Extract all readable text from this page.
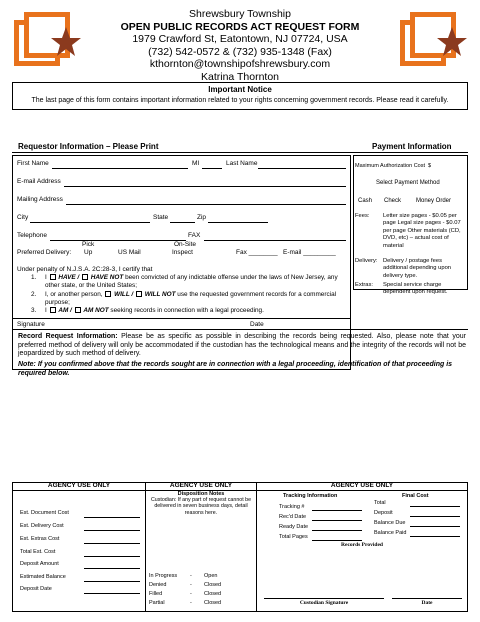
Shrewsbury Township
OPEN PUBLIC RECORDS ACT REQUEST FORM
1979 Crawford St, Eatontown, NJ 07724, USA
(732) 542-0572 & (732) 935-1348 (Fax)
kthornton@townshipofshrewsbury.com
Katrina Thornton
Important Notice
The last page of this form contains important information related to your rights concerning government records. Please read it carefully.
Requestor Information – Please Print	Payment Information
First Name	MI	Last Name
E-mail Address
Mailing Address
City	State	Zip
Telephone	FAX
Pick	On-Site
Preferred Delivery: Up	US Mail	Inspect	Fax ________ E-mail _________
Under penalty of N.J.S.A. 2C:28-3, I certify that
1. I HAVE / HAVE NOT been convicted of any indictable offense under the laws of New Jersey, any other state, or the United States;
2. I, or another person, WILL / WILL NOT use the requested government records for a commercial purpose;
3. I AM / AM NOT seeking records in connection with a legal proceeding.
Signature	Date
Maximum Authorization Cost $
Select Payment Method
Cash Check Money Order
Fees: Letter size pages - $0.05 per page Legal size pages - $0.07 per page Other materials (CD, DVD, etc) – actual cost of material
Delivery: Delivery / postage fees additional depending upon delivery type.
Extras: Special service charge dependent upon request.
Record Request Information: Please be as specific as possible in describing the records being requested. Also, please note that your preferred method of delivery will only be accommodated if the custodian has the technological means and the integrity of the records will not be jeopardized by such method of delivery.
Note: If you confirmed above that the records sought are in connection with a legal proceeding, identification of that proceeding is required below.
AGENCY USE ONLY
Est. Document Cost
Est. Delivery Cost
Est. Extras Cost
Total Est. Cost
Deposit Amount
Estimated Balance
Deposit Date
AGENCY USE ONLY
Disposition Notes
Custodian: If any part of request cannot be delivered in seven business days, detail reasons here.
In Progress - Open
Denied	- Closed
Filled	- Closed
Partial	- Closed
AGENCY USE ONLY
Tracking Information	Final Cost
Tracking #
Rec'd Date
Ready Date
Total Pages
Total
Deposit
Balance Due
Balance Paid
Records Provided
Custodian Signature	Date
